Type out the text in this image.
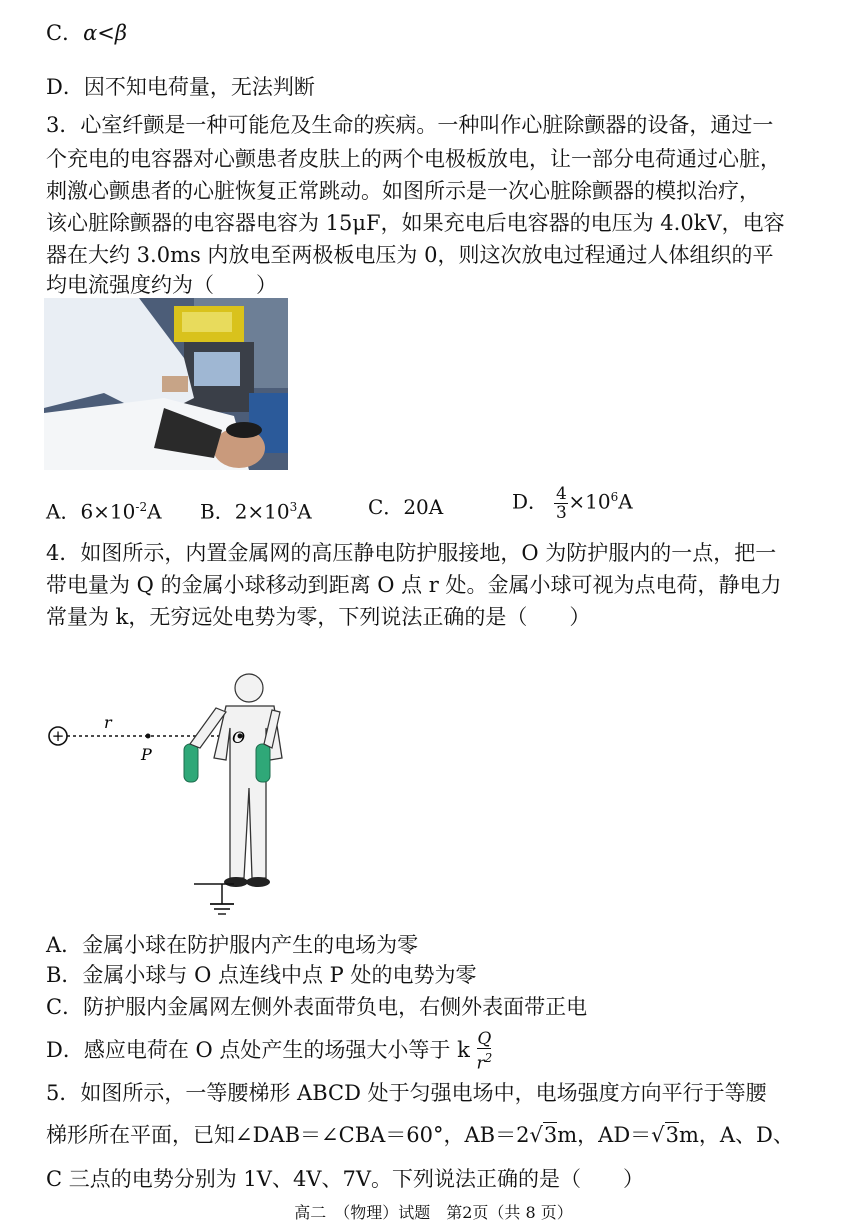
C．α<β
D．因不知电荷量，无法判断
3．心室纤颤是一种可能危及生命的疾病。一种叫作心脏除颤器的设备，通过一
个充电的电容器对心颤患者皮肤上的两个电极板放电，让一部分电荷通过心脏，
刺激心颤患者的心脏恢复正常跳动。如图所示是一次心脏除颤器的模拟治疗，
该心脏除颤器的电容器电容为 15μF，如果充电后电容器的电压为 4.0kV，电容
器在大约 3.0ms 内放电至两极板电压为 0，则这次放电过程通过人体组织的平
均电流强度约为（　　）
A．$6\times 10^{-2}A$ B．$2\times 10^3A$	C．20A	D． $\frac{4}{3} \times 10^6A$
4．如图所示，内置金属网的高压静电防护服接地，O 为防护服内的一点，把一
带电量为 Q 的金属小球移动到距离 O 点 r 处。金属小球可视为点电荷，静电力
常量为 k，无穷远处电势为零，下列说法正确的是（　　）
+
r
P
O
A．金属小球在防护服内产生的电场为零
B．金属小球与 O 点连线中点 P 处的电势为零
C．防护服内金属网左侧外表面带负电，右侧外表面带正电
D．感应电荷在 O 点处产生的场强大小等于 k $\frac{Q}{r^2}$
5．如图所示，一等腰梯形 ABCD 处于匀强电场中，电场强度方向平行于等腰
梯形所在平面，已知∠DAB＝∠CBA＝60°，AB＝2√3m，AD＝√3m，A、D、
C 三点的电势分别为 1V、4V、7V。下列说法正确的是（　　）
高二　（物理）试题　第2页（共 8 页）
